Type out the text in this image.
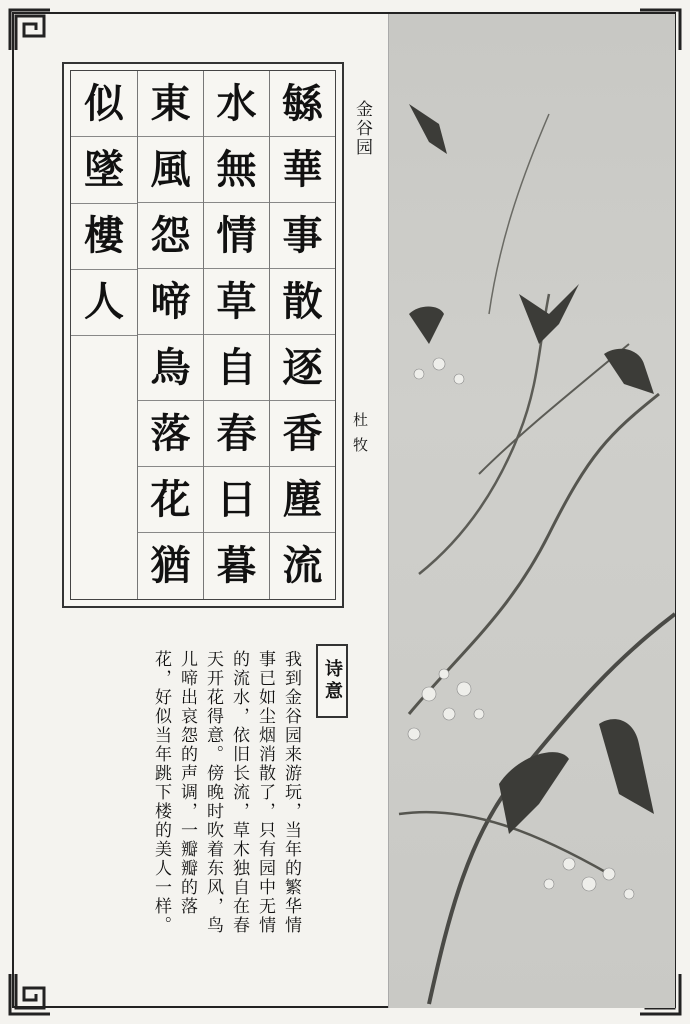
緐
華
事
散
逐
香
塵
流
水
無
情
草
自
春
日
暮
東
風
怨
啼
鳥
落
花
猶
似
墜
樓
人
金谷园
杜牧
诗意
我到金谷园来游玩，当年的繁华情事已如尘烟消散了，只有园中无情的流水，依旧长流，草木独自在春天开花得意。傍晚时吹着东风，鸟儿啼出哀怨的声调，一瓣瓣的落花，好似当年跳下楼的美人一样。
